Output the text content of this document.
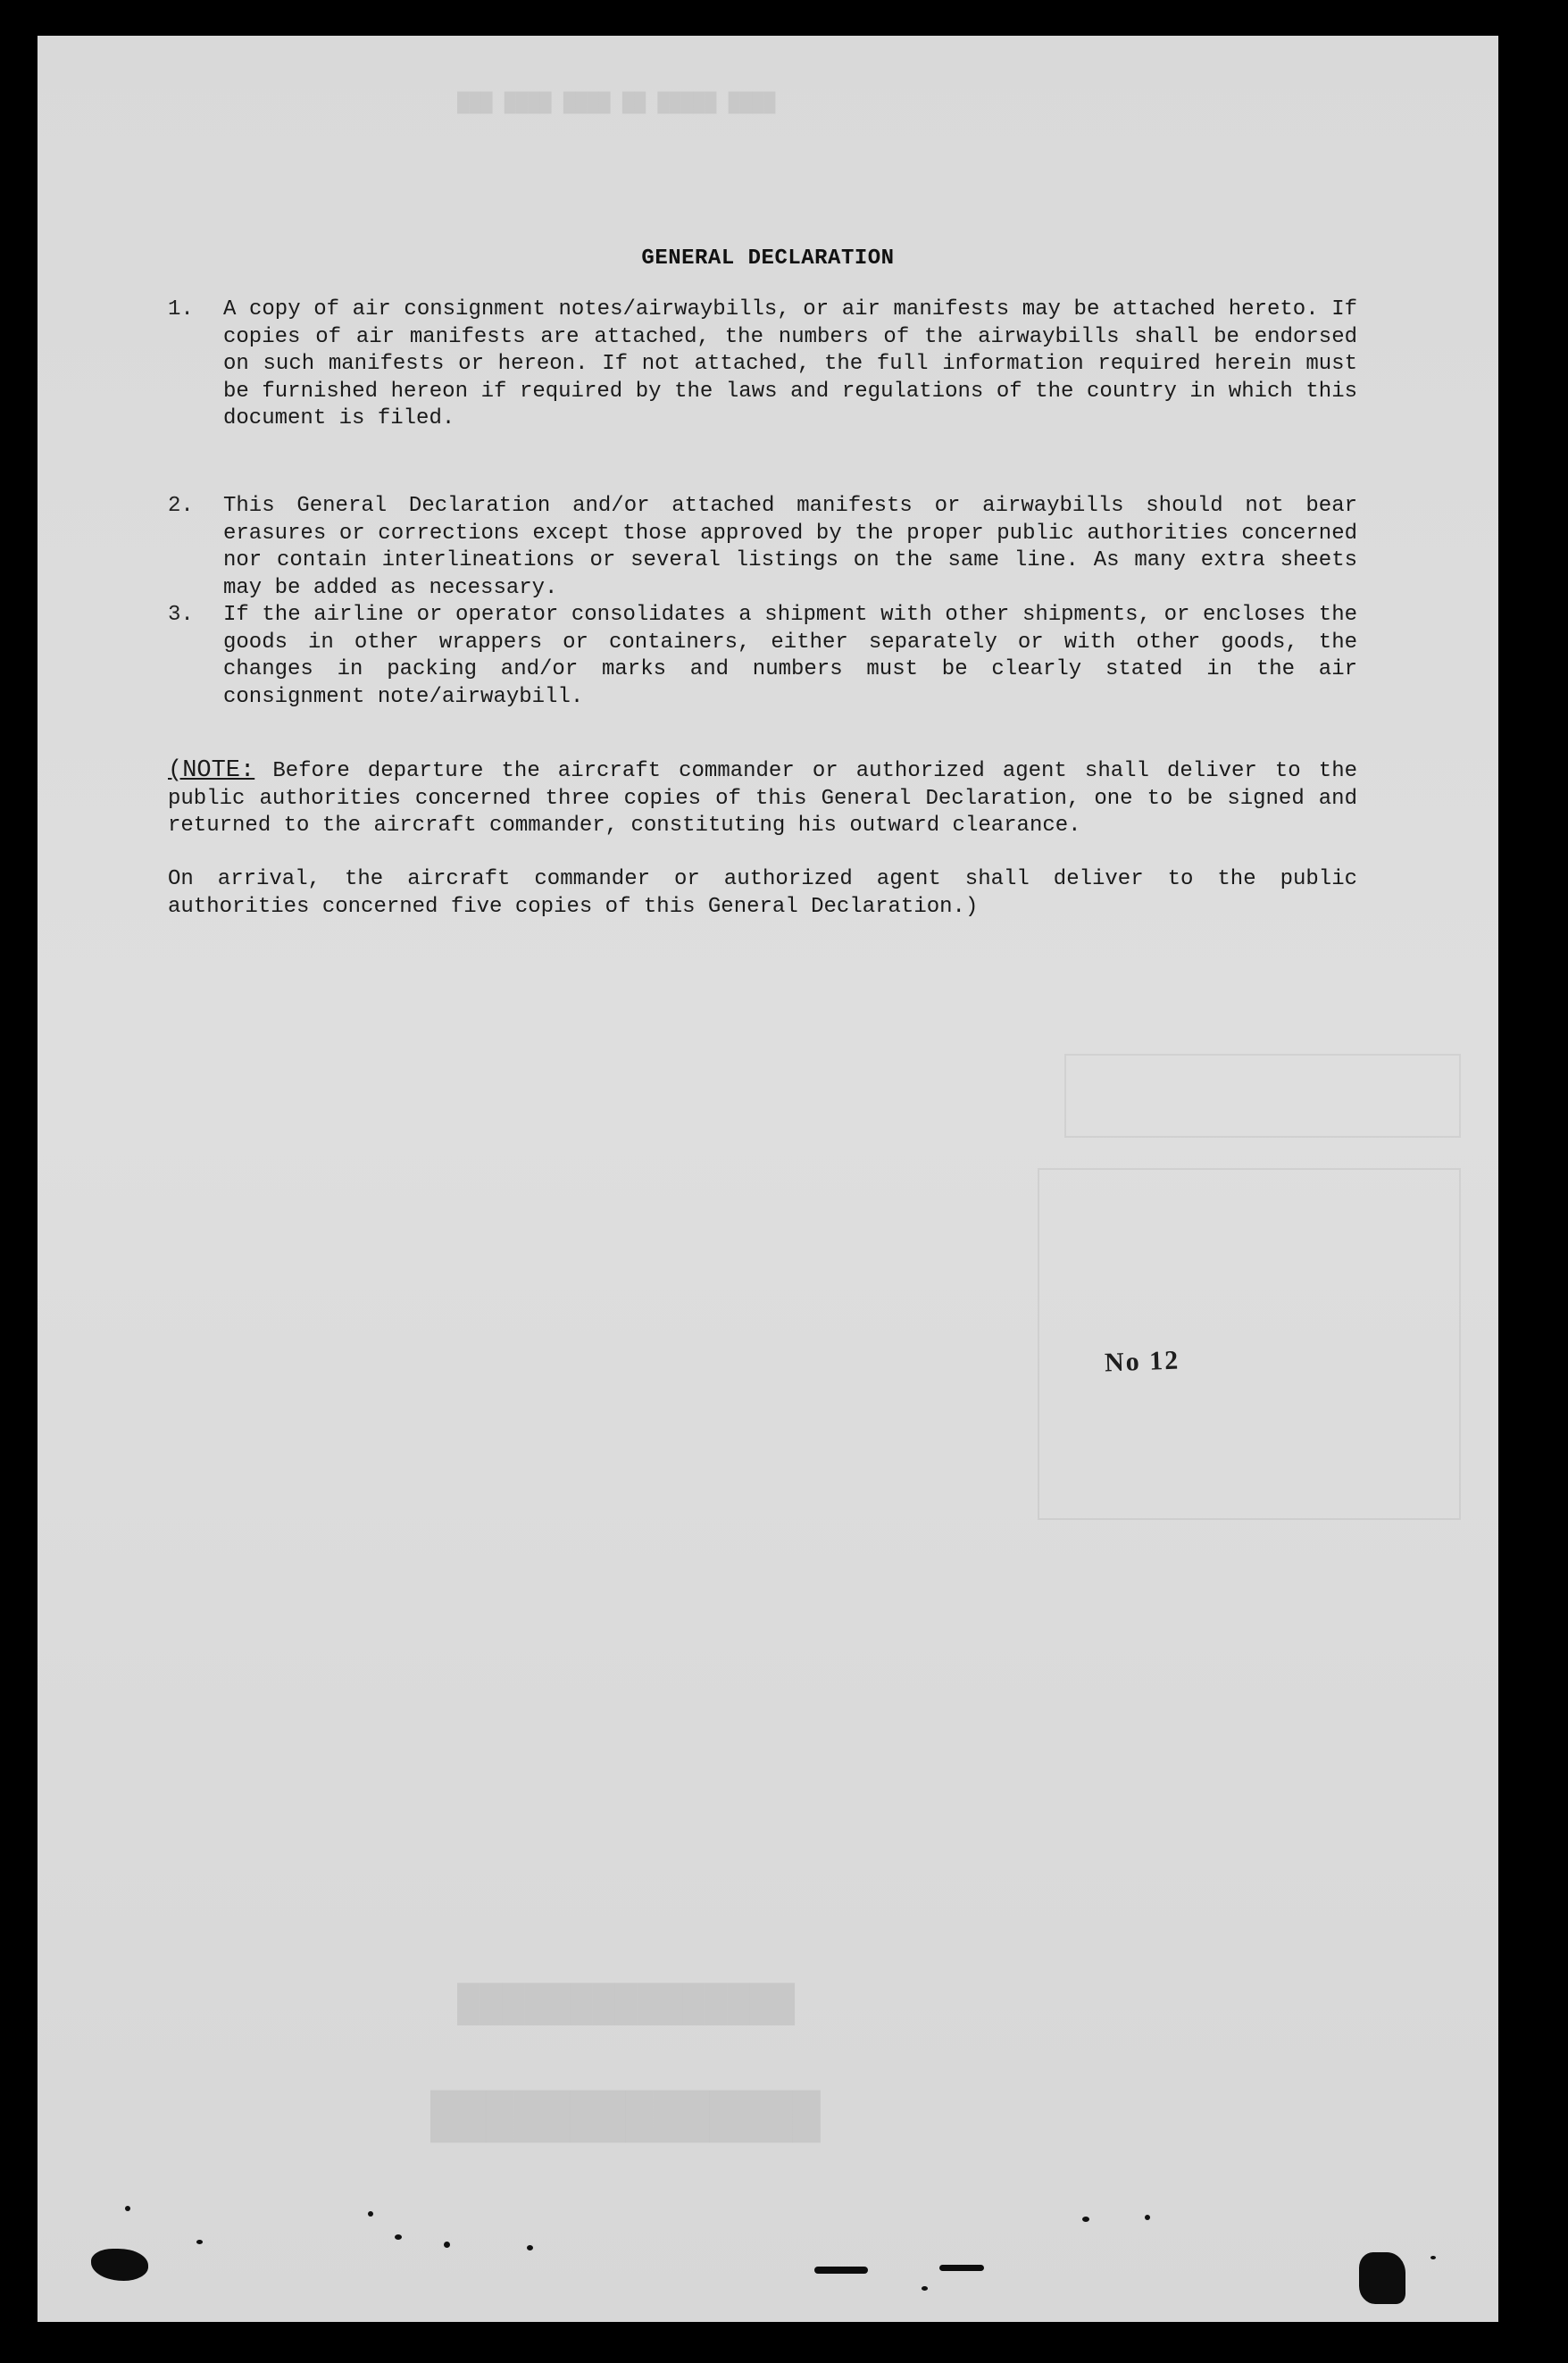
███ ████ ████ ██ █████ ████
███████████████
██████████████
GENERAL DECLARATION
1. A copy of air consignment notes/airwaybills, or air manifests may be attached hereto. If copies of air manifests are attached, the numbers of the airwaybills shall be endorsed on such manifests or hereon. If not attached, the full information required herein must be furnished hereon if required by the laws and regulations of the country in which this document is filed.
2. This General Declaration and/or attached manifests or airwaybills should not bear erasures or corrections except those approved by the proper public authorities concerned nor contain interlineations or several listings on the same line. As many extra sheets may be added as necessary.
3. If the airline or operator consolidates a shipment with other shipments, or encloses the goods in other wrappers or containers, either separately or with other goods, the changes in packing and/or marks and numbers must be clearly stated in the air consignment note/airwaybill.
(NOTE: Before departure the aircraft commander or authorized agent shall deliver to the public authorities concerned three copies of this General Declaration, one to be signed and returned to the aircraft commander, constituting his outward clearance.
On arrival, the aircraft commander or authorized agent shall deliver to the public authorities concerned five copies of this General Declaration.)
No 12
